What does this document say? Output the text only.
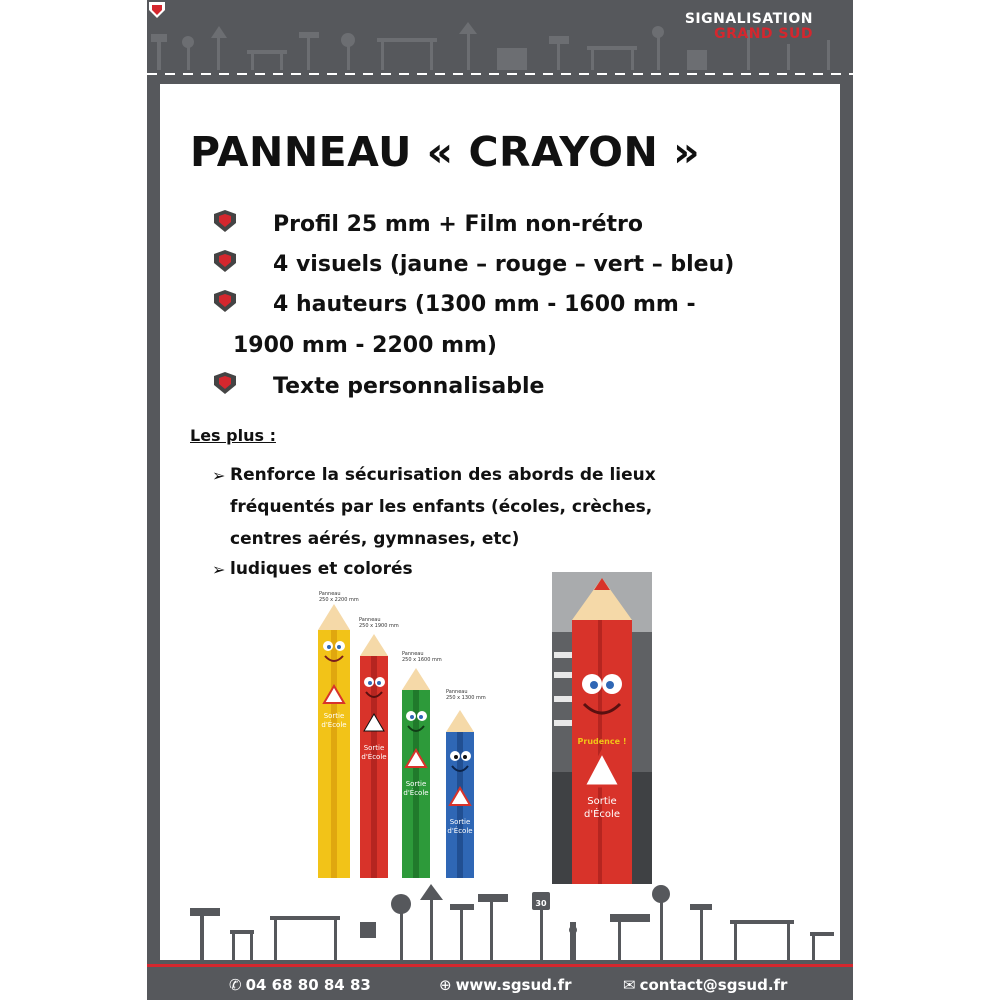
SIGNALISATION
GRAND SUD
PANNEAU « CRAYON »
Profil 25 mm + Film non-rétro
4 visuels (jaune – rouge – vert – bleu)
4 hauteurs (1300 mm - 1600 mm -
1900 mm - 2200 mm)
Texte personnalisable
Les plus :
➢ Renforce la sécurisation des abords de lieux
fréquentés par les enfants (écoles, crèches,
centres aérés, gymnases, etc)
➢ ludiques et colorés
Panneau
250 x 2200 mm
Sortie
d'École
Panneau
250 x 1900 mm
Sortie
d'École
Panneau
250 x 1600 mm
Sortie
d'École
Panneau
250 x 1300 mm
Sortie
d'École
Prudence !
Sortie
d'École
30
✆ 04 68 80 84 83	⊕ www.sgsud.fr	✉ contact@sgsud.fr
